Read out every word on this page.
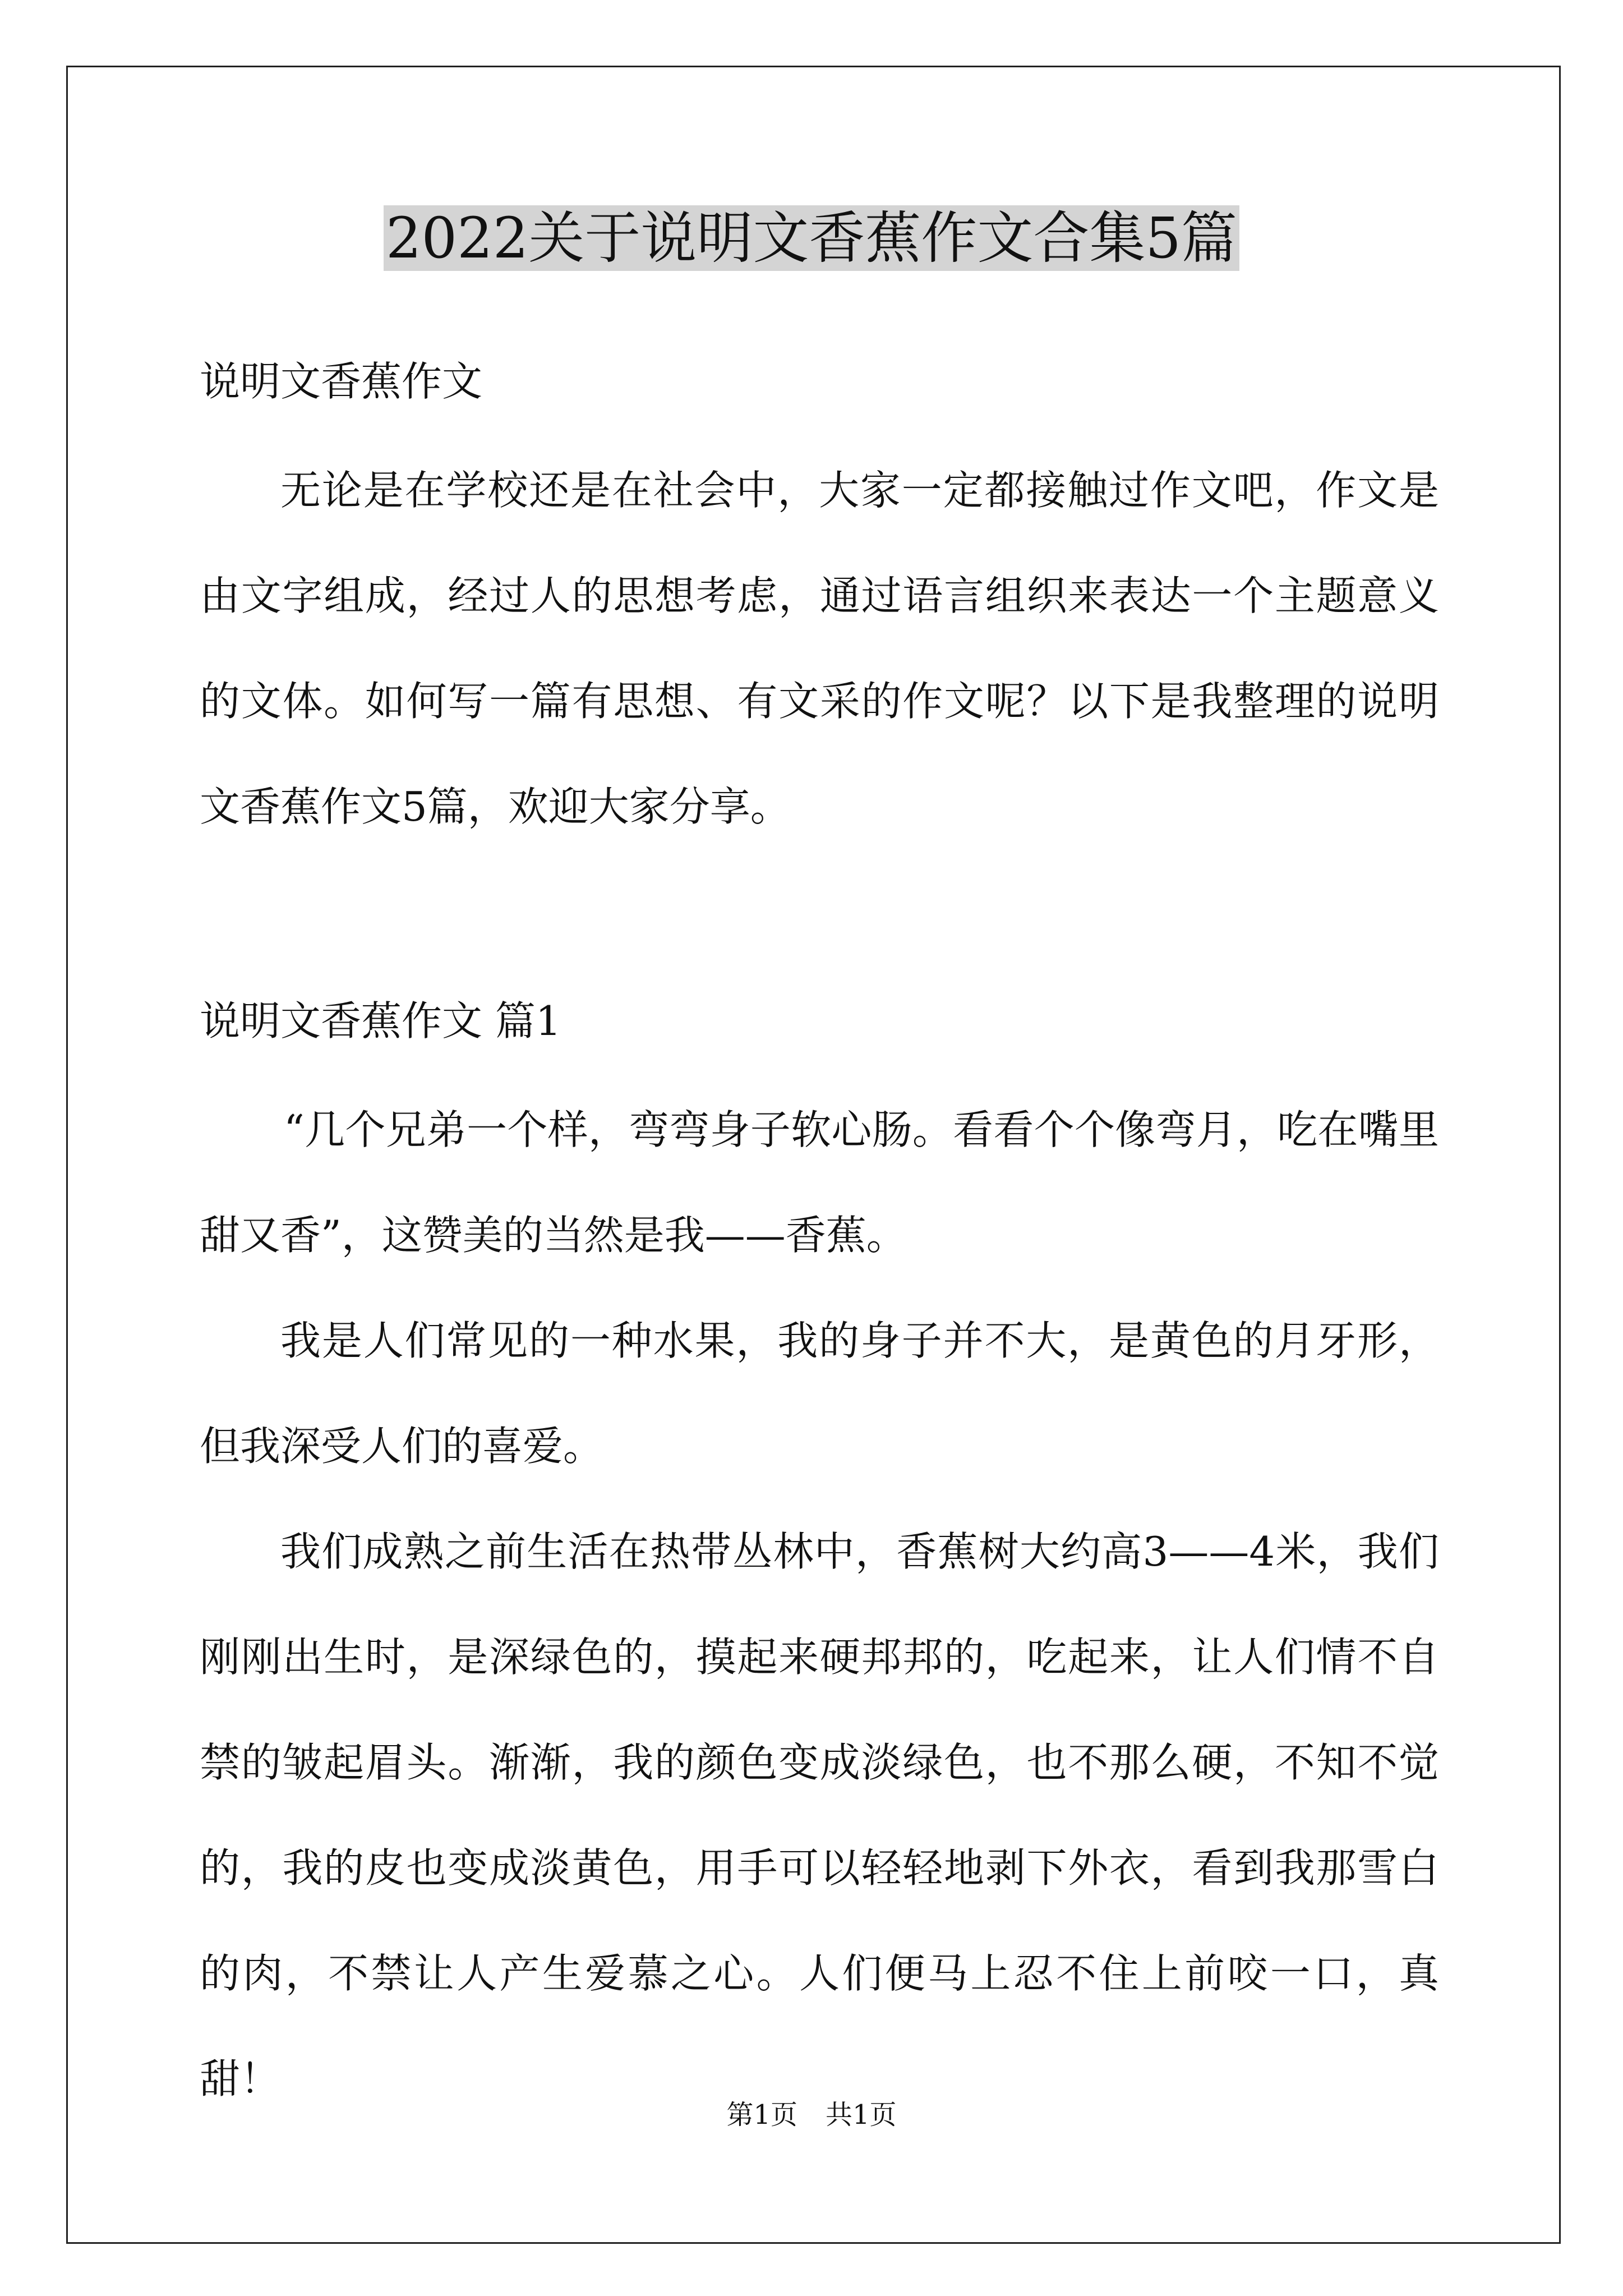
2022关于说明文香蕉作文合集5篇

说明文香蕉作文

无论是在学校还是在社会中，大家一定都接触过作文吧，作文是由文字组成，经过人的思想考虑，通过语言组织来表达一个主题意义的文体。如何写一篇有思想、有文采的作文呢？以下是我整理的说明文香蕉作文5篇，欢迎大家分享。

说明文香蕉作文 篇1

“几个兄弟一个样，弯弯身子软心肠。看看个个像弯月，吃在嘴里甜又香”，这赞美的当然是我——香蕉。

我是人们常见的一种水果，我的身子并不大，是黄色的月牙形，但我深受人们的喜爱。

我们成熟之前生活在热带丛林中，香蕉树大约高3——4米，我们刚刚出生时，是深绿色的，摸起来硬邦邦的，吃起来，让人们情不自禁的皱起眉头。渐渐，我的颜色变成淡绿色，也不那么硬，不知不觉的，我的皮也变成淡黄色，用手可以轻轻地剥下外衣，看到我那雪白的肉，不禁让人产生爱慕之心。人们便马上忍不住上前咬一口，真甜！

第1页 共1页
